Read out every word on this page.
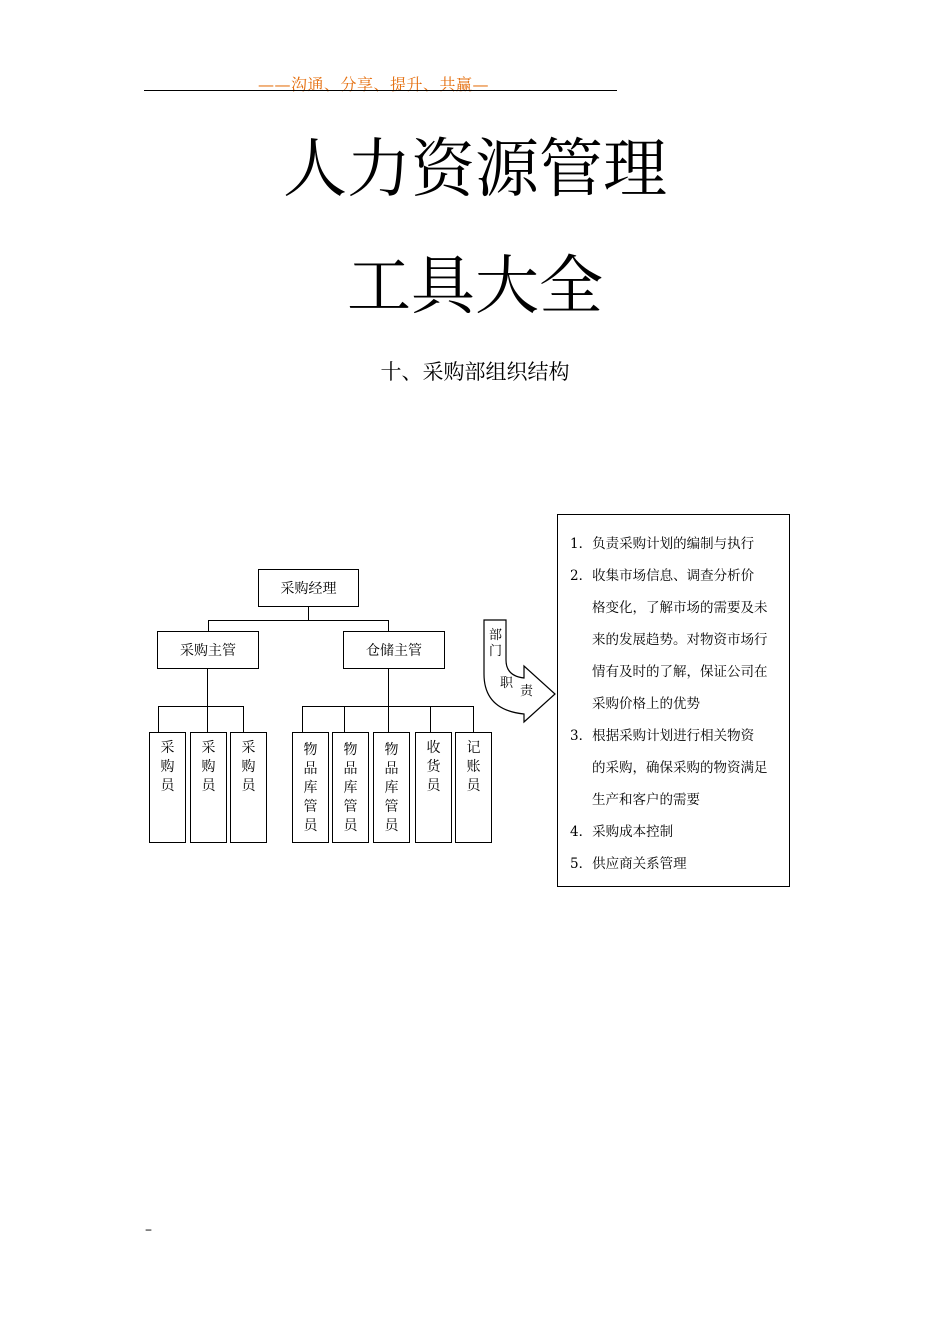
——沟通、分享、提升、共赢—
人力资源管理
工具大全
十、采购部组织结构
采购经理
采购主管	仓储主管
采
购
员
采
购
员
采
购
员
物
品
库
管
员
物
品
库
管
员
物
品
库
管
员
收
货
员
记
账
员
部
门
职
责
1．负责采购计划的编制与执行
2．收集市场信息、调查分析价
格变化，了解市场的需要及未
来的发展趋势。对物资市场行
情有及时的了解，保证公司在
采购价格上的优势
3．根据采购计划进行相关物资
的采购，确保采购的物资满足
生产和客户的需要
4．采购成本控制
5．供应商关系管理
–
